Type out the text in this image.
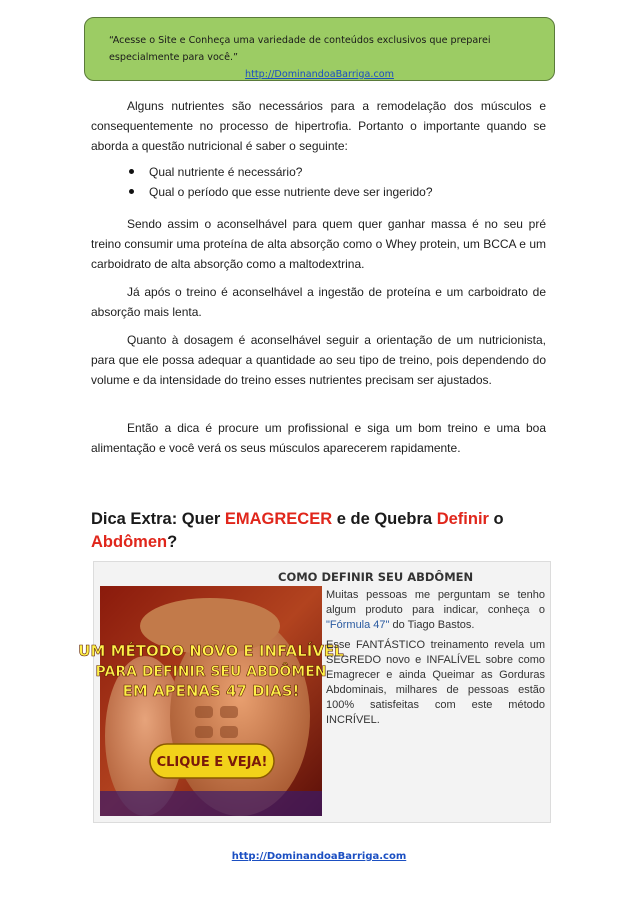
“Acesse o Site e Conheça uma variedade de conteúdos exclusivos que preparei especialmente para você.”
http://DominandoaBarriga.com

Alguns nutrientes são necessários para a remodelação dos músculos e consequentemente no processo de hipertrofia. Portanto o importante quando se aborda a questão nutricional é saber o seguinte:

Qual nutriente é necessário?
Qual o período que esse nutriente deve ser ingerido?

Sendo assim o aconselhável para quem quer ganhar massa é no seu pré treino consumir uma proteína de alta absorção como o Whey protein, um BCCA e um carboidrato de alta absorção como a maltodextrina.

Já após o treino é aconselhável a ingestão de proteína e um carboidrato de absorção mais lenta.

Quanto à dosagem é aconselhável seguir a orientação de um nutricionista, para que ele possa adequar a quantidade ao seu tipo de treino, pois dependendo do volume e da intensidade do treino esses nutrientes precisam ser ajustados.

Então a dica é procure um profissional e siga um bom treino e uma boa alimentação e você verá os seus músculos aparecerem rapidamente.

Dica Extra: Quer EMAGRECER e de Quebra Definir o Abdômen?
COMO DEFINIR SEU ABDÔMEN
UM MÉTODO NOVO E INFALÍVEL
PARA DEFINIR SEU ABDÔMEN
EM APENAS 47 DIAS!
CLIQUE E VEJA!

Muitas pessoas me perguntam se tenho algum produto para indicar, conheça o "Fórmula 47" do Tiago Bastos.

Esse FANTÁSTICO treinamento revela um SEGREDO novo e INFALÍVEL sobre como Emagrecer e ainda Queimar as Gorduras Abdominais, milhares de pessoas estão 100% satisfeitas com este método INCRÍVEL.

http://DominandoaBarriga.com
